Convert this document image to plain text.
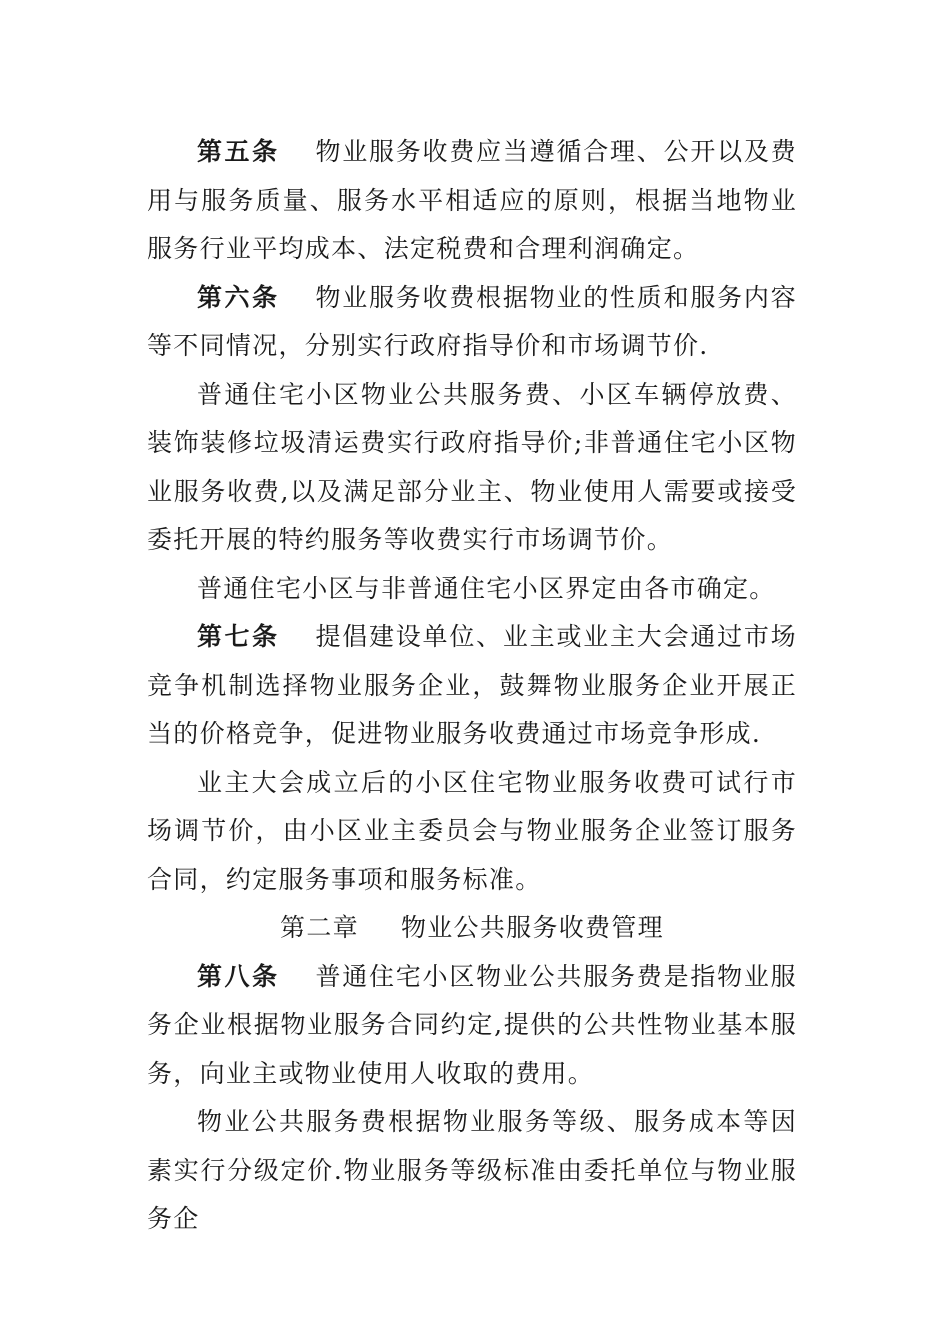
第五条 物业服务收费应当遵循合理、公开以及费用与服务质量、服务水平相适应的原则，根据当地物业服务行业平均成本、法定税费和合理利润确定。

第六条 物业服务收费根据物业的性质和服务内容等不同情况，分别实行政府指导价和市场调节价.

普通住宅小区物业公共服务费、小区车辆停放费、装饰装修垃圾清运费实行政府指导价;非普通住宅小区物业服务收费,以及满足部分业主、物业使用人需要或接受委托开展的特约服务等收费实行市场调节价。

普通住宅小区与非普通住宅小区界定由各市确定。

第七条 提倡建设单位、业主或业主大会通过市场竞争机制选择物业服务企业，鼓舞物业服务企业开展正当的价格竞争，促进物业服务收费通过市场竞争形成.

业主大会成立后的小区住宅物业服务收费可试行市场调节价，由小区业主委员会与物业服务企业签订服务合同，约定服务事项和服务标准。

第二章 物业公共服务收费管理

第八条 普通住宅小区物业公共服务费是指物业服务企业根据物业服务合同约定,提供的公共性物业基本服务，向业主或物业使用人收取的费用。

物业公共服务费根据物业服务等级、服务成本等因素实行分级定价.物业服务等级标准由委托单位与物业服务企
